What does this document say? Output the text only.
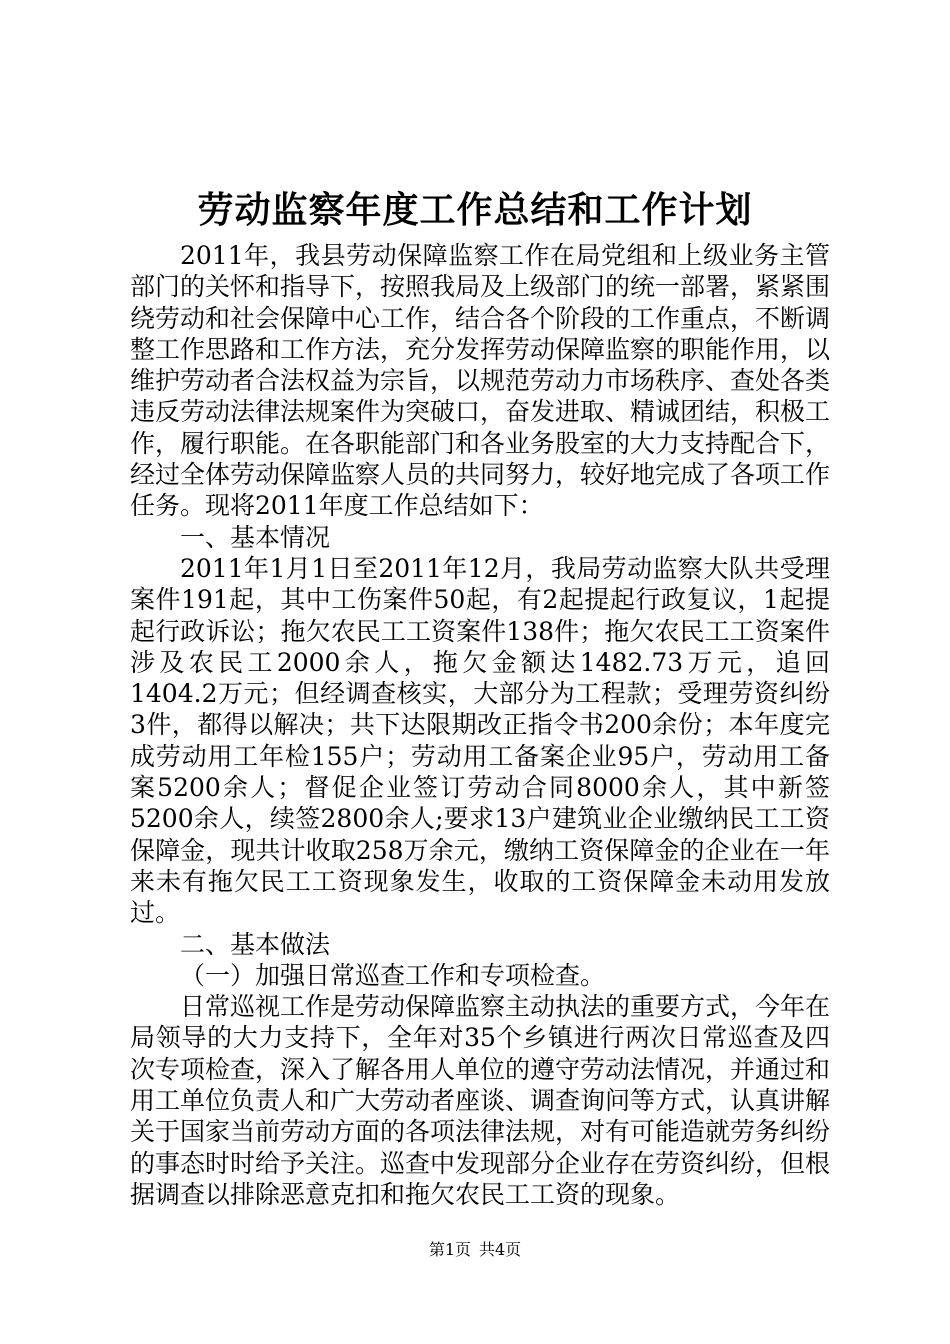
劳动监察年度工作总结和工作计划

2011年，我县劳动保障监察工作在局党组和上级业务主管部门的关怀和指导下，按照我局及上级部门的统一部署，紧紧围绕劳动和社会保障中心工作，结合各个阶段的工作重点，不断调整工作思路和工作方法，充分发挥劳动保障监察的职能作用，以维护劳动者合法权益为宗旨，以规范劳动力市场秩序、查处各类违反劳动法律法规案件为突破口，奋发进取、精诚团结，积极工作，履行职能。在各职能部门和各业务股室的大力支持配合下，经过全体劳动保障监察人员的共同努力，较好地完成了各项工作任务。现将2011年度工作总结如下：

一、基本情况

2011年1月1日至2011年12月，我局劳动监察大队共受理案件191起，其中工伤案件50起，有2起提起行政复议，1起提起行政诉讼；拖欠农民工工资案件138件；拖欠农民工工资案件涉及农民工2000余人，拖欠金额达1482.73万元，追回1404.2万元；但经调查核实，大部分为工程款；受理劳资纠纷3件，都得以解决；共下达限期改正指令书200余份；本年度完成劳动用工年检155户；劳动用工备案企业95户，劳动用工备案5200余人；督促企业签订劳动合同8000余人，其中新签5200余人，续签2800余人;要求13户建筑业企业缴纳民工工资保障金，现共计收取258万余元，缴纳工资保障金的企业在一年来未有拖欠民工工资现象发生，收取的工资保障金未动用发放过。

二、基本做法

（一）加强日常巡查工作和专项检查。

日常巡视工作是劳动保障监察主动执法的重要方式，今年在局领导的大力支持下，全年对35个乡镇进行两次日常巡查及四次专项检查，深入了解各用人单位的遵守劳动法情况，并通过和用工单位负责人和广大劳动者座谈、调查询问等方式，认真讲解关于国家当前劳动方面的各项法律法规，对有可能造就劳务纠纷的事态时时给予关注。巡查中发现部分企业存在劳资纠纷，但根据调查以排除恶意克扣和拖欠农民工工资的现象。

第1页 共4页
